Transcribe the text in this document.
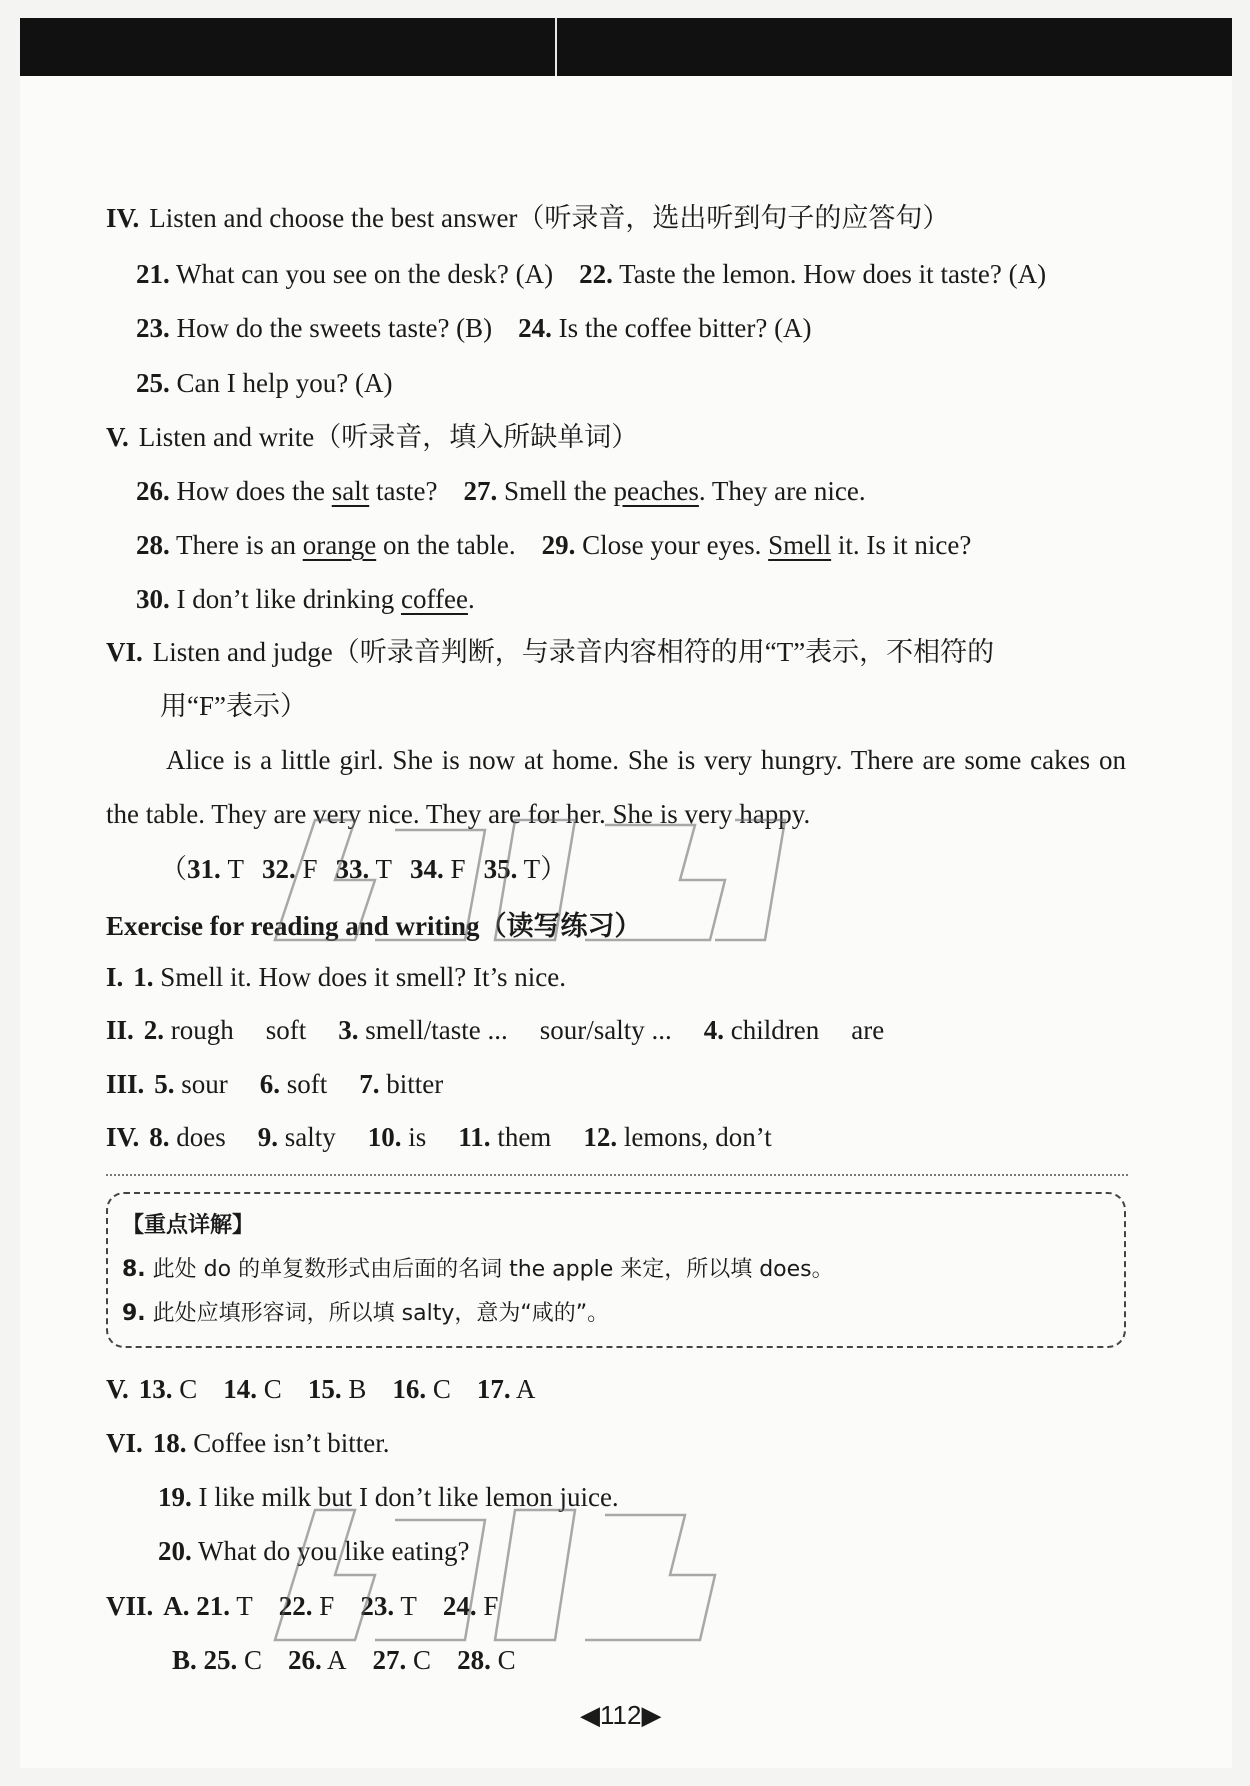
IV. Listen and choose the best answer（听录音，选出听到句子的应答句）
21. What can you see on the desk? (A) 22. Taste the lemon. How does it taste? (A)
23. How do the sweets taste? (B) 24. Is the coffee bitter? (A)
25. Can I help you? (A)
V. Listen and write（听录音，填入所缺单词）
26. How does the salt taste? 27. Smell the peaches. They are nice.
28. There is an orange on the table. 29. Close your eyes. Smell it. Is it nice?
30. I don’t like drinking coffee.
VI. Listen and judge（听录音判断，与录音内容相符的用“T”表示，不相符的
用“F”表示）
Alice is a little girl. She is now at home. She is very hungry. There are some cakes on the table. They are very nice. They are for her. She is very happy.
（31. T 32. F 33. T 34. F 35. T）
Exercise for reading and writing（读写练习）
I. 1. Smell it. How does it smell? It’s nice.
II. 2. rough soft 3. smell/taste ... sour/salty ... 4. children are
III. 5. sour 6. soft 7. bitter
IV. 8. does 9. salty 10. is 11. them 12. lemons, don’t
【重点详解】
8. 此处 do 的单复数形式由后面的名词 the apple 来定，所以填 does。
9. 此处应填形容词，所以填 salty，意为“咸的”。
V. 13. C 14. C 15. B 16. C 17. A
VI. 18. Coffee isn’t bitter.
19. I like milk but I don’t like lemon juice.
20. What do you like eating?
VII. A. 21. T 22. F 23. T 24. F
B. 25. C 26. A 27. C 28. C
◀112▶
